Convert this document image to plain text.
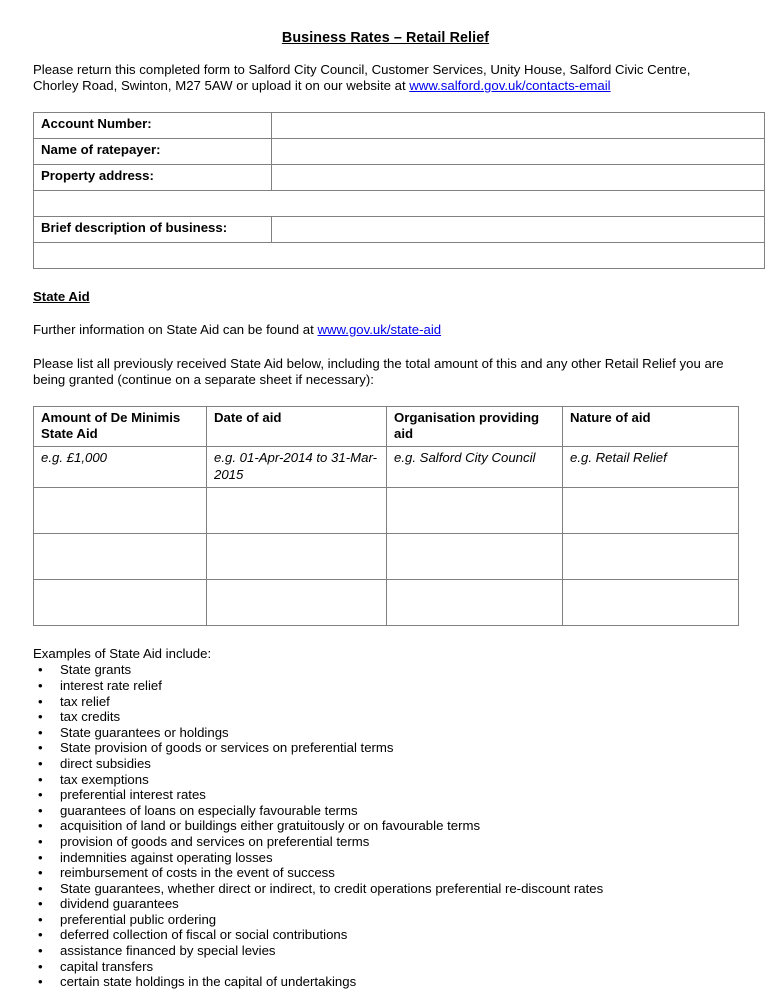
Business Rates – Retail Relief

Please return this completed form to Salford City Council, Customer Services, Unity House, Salford Civic Centre, Chorley Road, Swinton, M27 5AW or upload it on our website at www.salford.gov.uk/contacts-email

Account Number:	
Name of ratepayer:	
Property address:	

Brief description of business:	

State Aid

Further information on State Aid can be found at www.gov.uk/state-aid

Please list all previously received State Aid below, including the total amount of this and any other Retail Relief you are being granted (continue on a separate sheet if necessary):

Amount of De Minimis State Aid	Date of aid	Organisation providing aid	Nature of aid
e.g. £1,000	e.g. 01-Apr-2014 to 31-Mar-2015	e.g. Salford City Council	e.g. Retail Relief

Examples of State Aid include:

• State grants
• interest rate relief
• tax relief
• tax credits
• State guarantees or holdings
• State provision of goods or services on preferential terms
• direct subsidies
• tax exemptions
• preferential interest rates
• guarantees of loans on especially favourable terms
• acquisition of land or buildings either gratuitously or on favourable terms
• provision of goods and services on preferential terms
• indemnities against operating losses
• reimbursement of costs in the event of success
• State guarantees, whether direct or indirect, to credit operations preferential re-discount rates
• dividend guarantees
• preferential public ordering
• deferred collection of fiscal or social contributions
• assistance financed by special levies
• capital transfers
• certain state holdings in the capital of undertakings
